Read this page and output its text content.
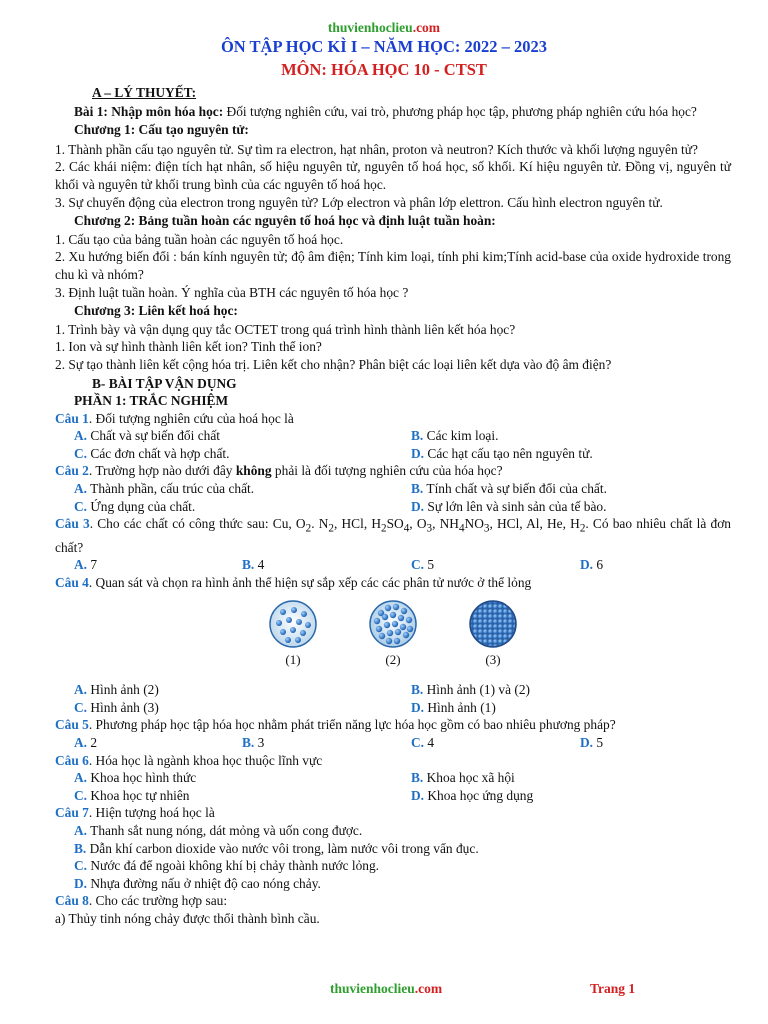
thuvienhoclieu.com
ÔN TẬP HỌC KÌ I – NĂM HỌC: 2022 – 2023
MÔN: HÓA HỌC 10 - CTST
A – LÝ THUYẾT:
Bài 1: Nhập môn hóa học: Đối tượng nghiên cứu, vai trò, phương pháp học tập, phương pháp nghiên cứu hóa học?
Chương 1: Cấu tạo nguyên tử:
1. Thành phần cấu tạo nguyên tử. Sự tìm ra electron, hạt nhân, proton và neutron? Kích thước và khối lượng nguyên tử?
2. Các khái niệm: điện tích hạt nhân, số hiệu nguyên tử, nguyên tố hoá học, số khối. Kí hiệu nguyên tử. Đồng vị, nguyên tử khối và nguyên tử khối trung bình của các nguyên tố hoá học.
3. Sự chuyển động của electron trong nguyên tử? Lớp electron và phân lớp elettron. Cấu hình electron nguyên tử.
Chương 2: Bảng tuần hoàn các nguyên tố hoá học và định luật tuần hoàn:
1. Cấu tạo của bảng tuần hoàn các nguyên tố hoá học.
2. Xu hướng biến đổi : bán kính nguyên tử; độ âm điện; Tính kim loại, tính phi kim;Tính acid-base của oxide hydroxide trong chu kì và nhóm?
3. Định luật tuần hoàn. Ý nghĩa của BTH các nguyên tố hóa học ?
Chương 3: Liên kết hoá học:
1. Trình bày và vận dụng quy tắc OCTET trong quá trình hình thành liên kết hóa học?
1. Ion và sự hình thành liên kết ion? Tinh thể ion?
2. Sự tạo thành liên kết cộng hóa trị. Liên kết cho nhận? Phân biệt các loại liên kết dựa vào độ âm điện?
B- BÀI TẬP VẬN DỤNG
PHẦN 1: TRẮC NGHIỆM
Câu 1. Đối tượng nghiên cứu của hoá học là
A. Chất và sự biến đổi chất	B. Các kim loại.
C. Các đơn chất và hợp chất.	D. Các hạt cấu tạo nên nguyên tử.
Câu 2. Trường hợp nào dưới đây không phải là đối tượng nghiên cứu của hóa học?
A. Thành phần, cấu trúc của chất.	B. Tính chất và sự biến đổi của chất.
C. Ứng dụng của chất.	D. Sự lớn lên và sinh sản của tế bào.
Câu 3. Cho các chất có công thức sau: Cu, $O_2$. $N_2$, HCl, $H_2SO_4$, $O_3$, $NH_4NO_3$, HCl, Al, He, $H_2$. Có bao nhiêu chất là đơn chất?
A. 7	B. 4	C. 5	D. 6
Câu 4. Quan sát và chọn ra hình ảnh thể hiện sự sắp xếp các các phân tử nước ở thể lỏng
(1)	(2)	(3)
A. Hình ảnh (2)	B. Hình ảnh (1) và (2)
C. Hình ảnh (3)	D. Hình ảnh (1)
Câu 5. Phương pháp học tập hóa học nhằm phát triển năng lực hóa học gồm có bao nhiêu phương pháp?
A. 2	B. 3	C. 4	D. 5
Câu 6. Hóa học là ngành khoa học thuộc lĩnh vực
A. Khoa học hình thức	B. Khoa học xã hội
C. Khoa học tự nhiên	D. Khoa học ứng dụng
Câu 7. Hiện tượng hoá học là
A. Thanh sắt nung nóng, dát mỏng và uốn cong được.
B. Dẫn khí carbon dioxide vào nước vôi trong, làm nước vôi trong vẩn đục.
C. Nước đá để ngoài không khí bị chảy thành nước lỏng.
D. Nhựa đường nấu ở nhiệt độ cao nóng chảy.
Câu 8. Cho các trường hợp sau:
a) Thủy tinh nóng chảy được thổi thành bình cầu.
thuvienhoclieu.com	Trang 1
